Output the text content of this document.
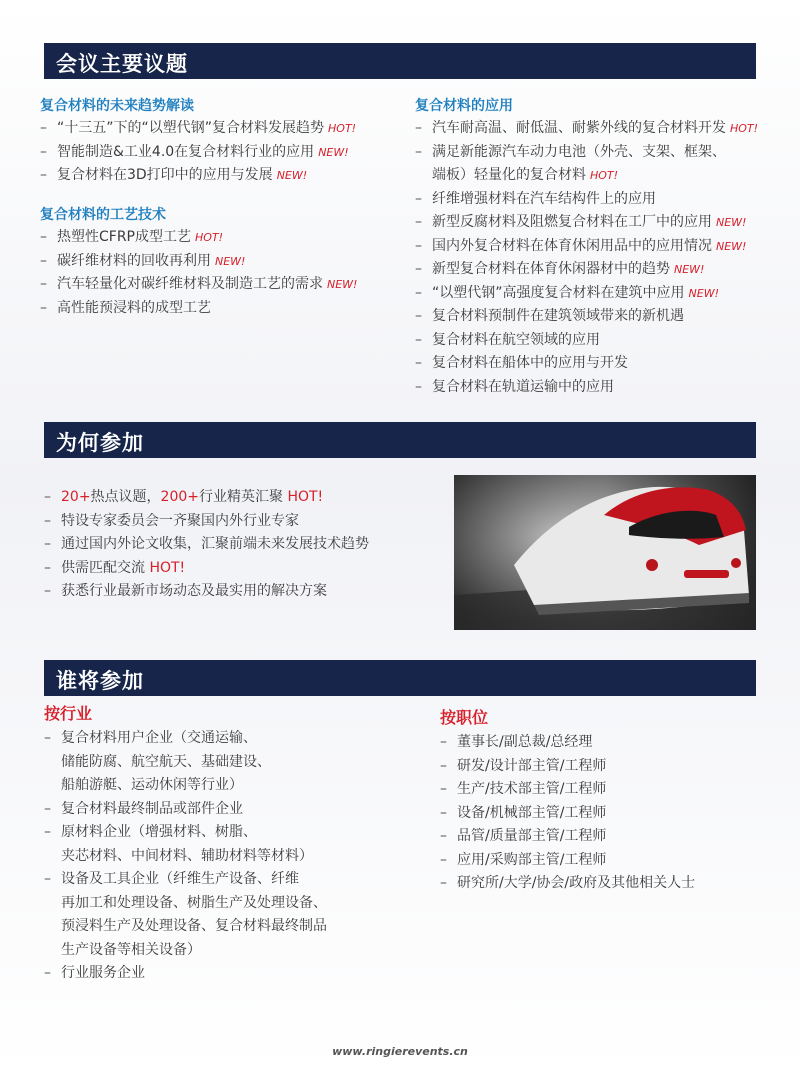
会议主要议题

复合材料的未来趋势解读

– “十三五”下的“以塑代钢”复合材料发展趋势 HOT!
– 智能制造&工业4.0在复合材料行业的应用 NEW!
– 复合材料在3D打印中的应用与发展 NEW!

复合材料的工艺技术

– 热塑性CFRP成型工艺 HOT!
– 碳纤维材料的回收再利用 NEW!
– 汽车轻量化对碳纤维材料及制造工艺的需求 NEW!
– 高性能预浸料的成型工艺

复合材料的应用

– 汽车耐高温、耐低温、耐紫外线的复合材料开发 HOT!
– 满足新能源汽车动力电池（外壳、支架、框架、
端板）轻量化的复合材料 HOT!
– 纤维增强材料在汽车结构件上的应用
– 新型反腐材料及阻燃复合材料在工厂中的应用 NEW!
– 国内外复合材料在体育休闲用品中的应用情况 NEW!
– 新型复合材料在体育休闲器材中的趋势 NEW!
– “以塑代钢”高强度复合材料在建筑中应用 NEW!
– 复合材料预制件在建筑领域带来的新机遇
– 复合材料在航空领域的应用
– 复合材料在船体中的应用与开发
– 复合材料在轨道运输中的应用
为何参加
– 20+热点议题，200+行业精英汇聚 HOT!
– 特设专家委员会一齐聚国内外行业专家
– 通过国内外论文收集，汇聚前端未来发展技术趋势
– 供需匹配交流 HOT!
– 获悉行业最新市场动态及最实用的解决方案
谁将参加

按行业

– 复合材料用户企业（交通运输、
储能防腐、航空航天、基础建设、
船舶游艇、运动休闲等行业）
– 复合材料最终制品或部件企业
– 原材料企业（增强材料、树脂、
夹芯材料、中间材料、辅助材料等材料）
– 设备及工具企业（纤维生产设备、纤维
再加工和处理设备、树脂生产及处理设备、
预浸料生产及处理设备、复合材料最终制品
生产设备等相关设备）
– 行业服务企业

按职位

– 董事长/副总裁/总经理
– 研发/设计部主管/工程师
– 生产/技术部主管/工程师
– 设备/机械部主管/工程师
– 品管/质量部主管/工程师
– 应用/采购部主管/工程师
– 研究所/大学/协会/政府及其他相关人士
www.ringierevents.cn
